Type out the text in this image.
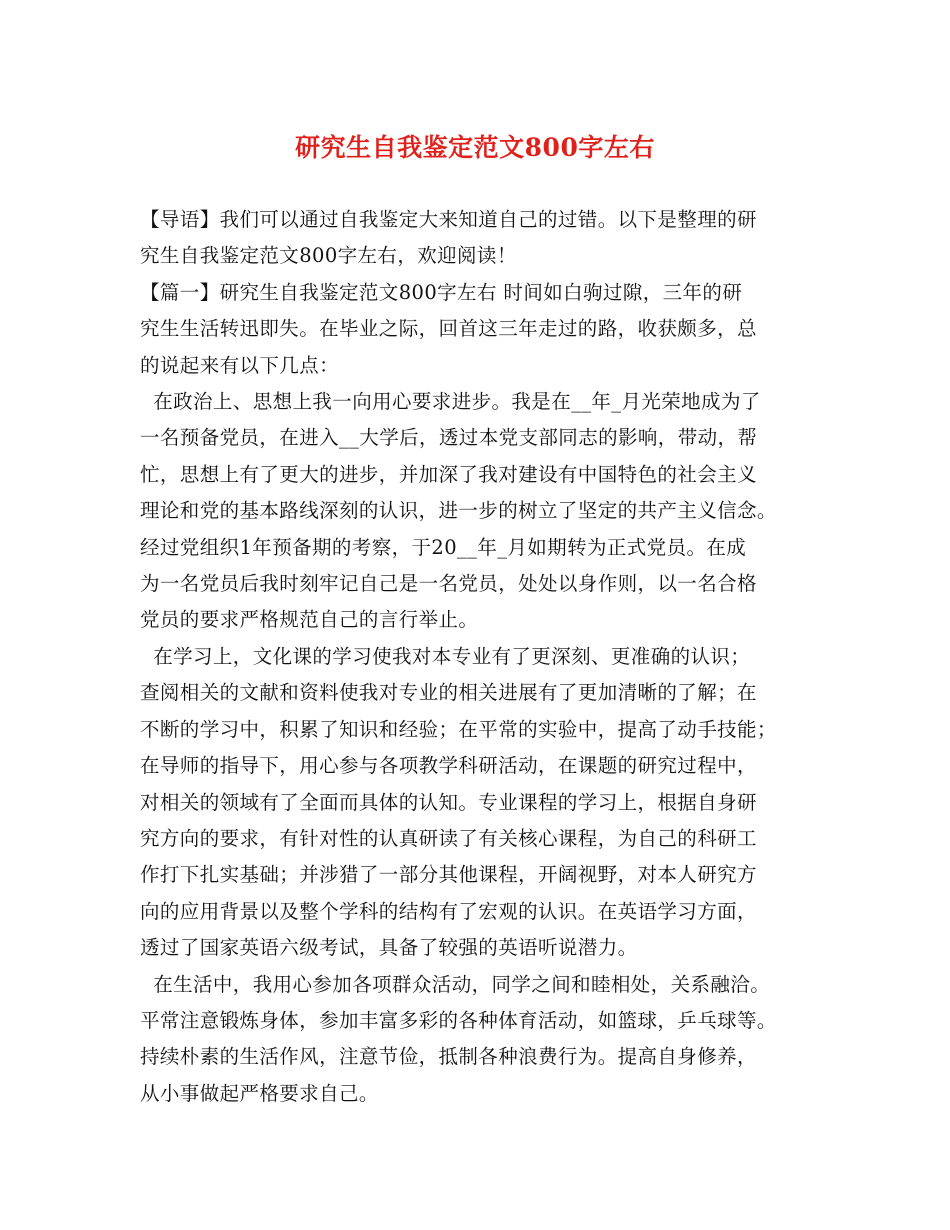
研究生自我鉴定范文800字左右
【导语】我们可以通过自我鉴定大来知道自己的过错。以下是整理的研
究生自我鉴定范文800字左右，欢迎阅读！
【篇一】研究生自我鉴定范文800字左右 时间如白驹过隙，三年的研
究生生活转迅即失。在毕业之际，回首这三年走过的路，收获颇多，总
的说起来有以下几点：
在政治上、思想上我一向用心要求进步。我是在__年_月光荣地成为了
一名预备党员，在进入__大学后，透过本党支部同志的影响，带动，帮
忙，思想上有了更大的进步，并加深了我对建设有中国特色的社会主义
理论和党的基本路线深刻的认识，进一步的树立了坚定的共产主义信念。
经过党组织1年预备期的考察，于20__年_月如期转为正式党员。在成
为一名党员后我时刻牢记自己是一名党员，处处以身作则，以一名合格
党员的要求严格规范自己的言行举止。
在学习上，文化课的学习使我对本专业有了更深刻、更准确的认识；
查阅相关的文献和资料使我对专业的相关进展有了更加清晰的了解；在
不断的学习中，积累了知识和经验；在平常的实验中，提高了动手技能；
在导师的指导下，用心参与各项教学科研活动，在课题的研究过程中，
对相关的领域有了全面而具体的认知。专业课程的学习上，根据自身研
究方向的要求，有针对性的认真研读了有关核心课程，为自己的科研工
作打下扎实基础；并涉猎了一部分其他课程，开阔视野，对本人研究方
向的应用背景以及整个学科的结构有了宏观的认识。在英语学习方面，
透过了国家英语六级考试，具备了较强的英语听说潜力。
在生活中，我用心参加各项群众活动，同学之间和睦相处，关系融洽。
平常注意锻炼身体，参加丰富多彩的各种体育活动，如篮球，乒乓球等。
持续朴素的生活作风，注意节俭，抵制各种浪费行为。提高自身修养，
从小事做起严格要求自己。
